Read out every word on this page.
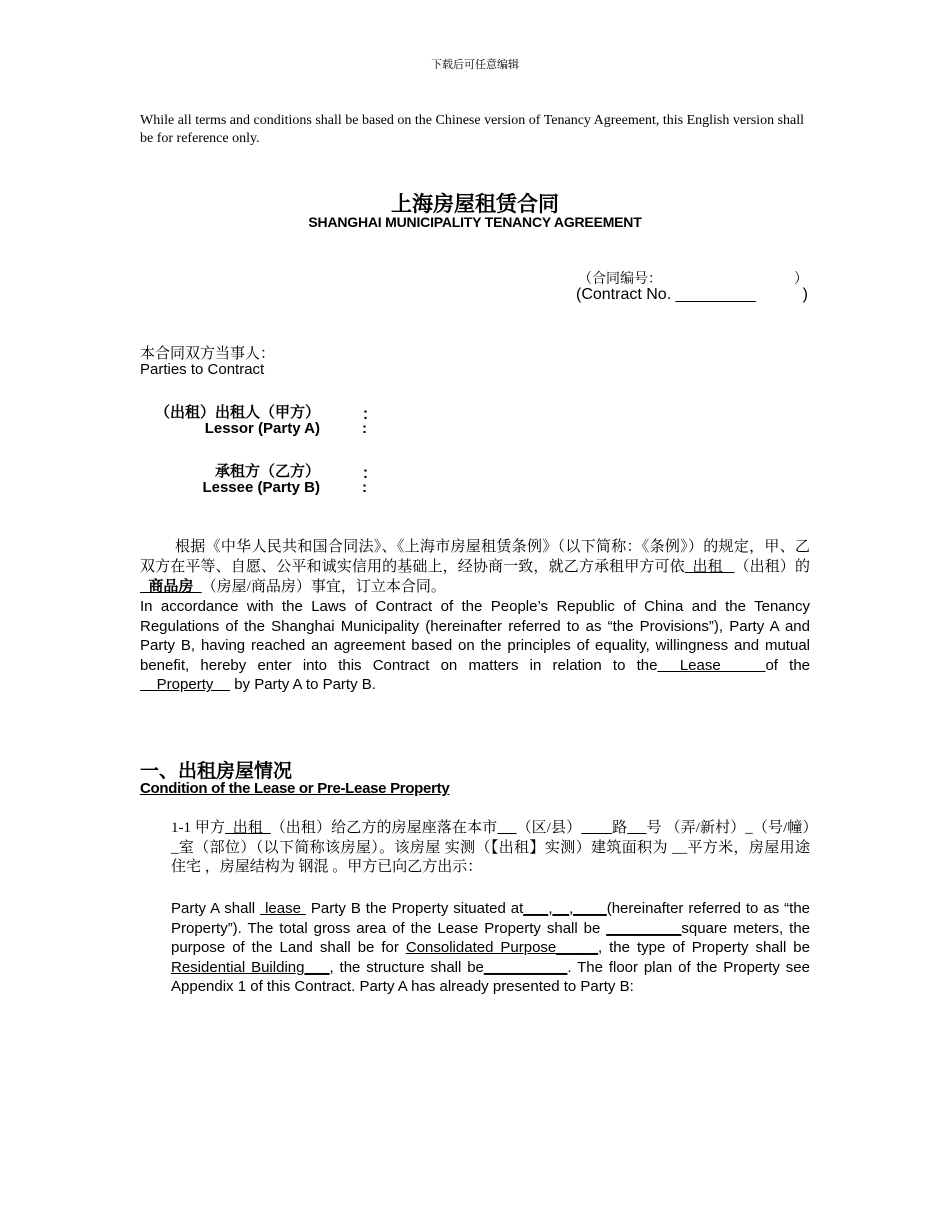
下载后可任意编辑
While all terms and conditions shall be based on the Chinese version of Tenancy Agreement, this English version shall be for reference only.
上海房屋租赁合同
SHANGHAI MUNICIPALITY TENANCY AGREEMENT
（合同编号：	）
(Contract No. _________	)
本合同双方当事人：
Parties to Contract
（出租）出租人（甲方）	：
Lessor (Party A)	:
承租方（乙方）	：
Lessee (Party B)	:
根据《中华人民共和国合同法》、《上海市房屋租赁条例》（以下简称：《条例》）的规定，甲、乙双方在平等、自愿、公平和诚实信用的基础上，经协商一致，就乙方承租甲方可依  出租   （出租）的  商品房  （房屋/商品房）事宜，订立本合同。
In accordance with the Laws of Contract of the People’s Republic of China and the Tenancy Regulations of the Shanghai Municipality (hereinafter referred to as “the Provisions”), Party A and Party B, having reached an agreement based on the principles of equality, willingness and mutual benefit, hereby enter into this Contract on matters in relation to the  Lease    of the    Property     by Party A to Party B.
一、出租房屋情况
Condition of the Lease or Pre-Lease Property
1-1 甲方  出租  （出租）给乙方的房屋座落在本市 （区/县） 路 号 （弄/新村）_（号/幢）_室（部位）（以下简称该房屋）。该房屋 实测（【出租】实测）建筑面积为 __平方米，房屋用途 住宅 ，房屋结构为 钢混 。甲方已向乙方出示：
Party A shall  lease  Party B the Property situated at___,__,____(hereinafter referred to as “the Property”). The total gross area of the Lease Property shall be _________square meters, the purpose of the Land shall be for Consolidated Purpose_____, the type of Property shall be Residential Building___, the structure shall be__________. The floor plan of the Property see Appendix 1 of this Contract. Party A has already presented to Party B:
